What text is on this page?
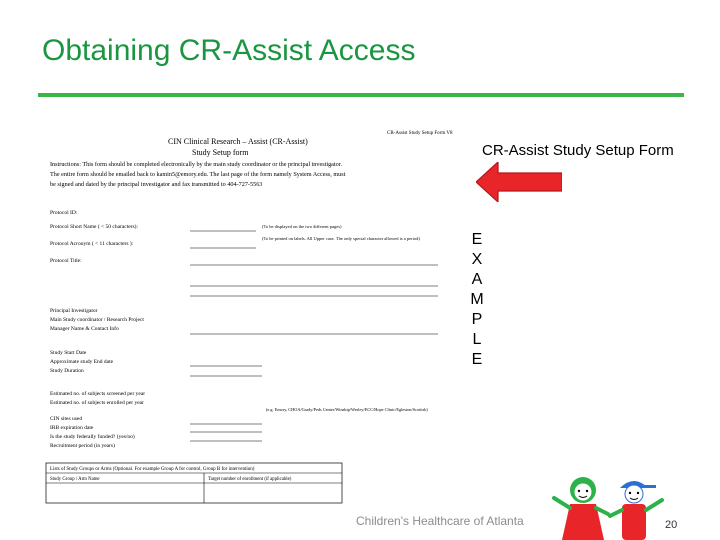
Obtaining CR-Assist Access
CR-Assist Study Setup Form V8
CIN Clinical Research – Assist (CR-Assist)
Study Setup form
Instructions: This form should be completed electronically by the main study coordinator or the principal investigator.
The entire form should be emailed back to kamin5@emory.edu. The last page of the form namely System Access, must
be signed and dated by the principal investigator and fax transmitted to 404-727-5563
Protocol ID:
Protocol Short Name ( < 50 characters):	(To be displayed on the two different pages)
Protocol Acronym ( < 11 characters ):
(To be printed on labels. All Upper case. The only special character allowed is a period)
Protocol Title:
Principal Investigator
Main Study coordinator / Research Project
Manager Name & Contact Info
Study Start Date
Approximate study End date
Study Duration
Estimated no. of subjects screened per year
Estimated no. of subjects enrolled per year
CIN sites used
(e.g. Emory, CHOA/Grady/Peds Center/Winship/Wesley/ECC/Hope Clinic/Egleston/Scottish)
IRB expiration date
Is the study federally funded? (yes/no)
Recruitment period (in years)
Lists of Study Groups or Arms (Optional. For example Group A for control, Group B for intervention)
Study Group / Arm Name	Target number of enrollment (if applicable)
CR-Assist Study Setup Form
E
X
A
M
P
L
E
Children's Healthcare of Atlanta	20
